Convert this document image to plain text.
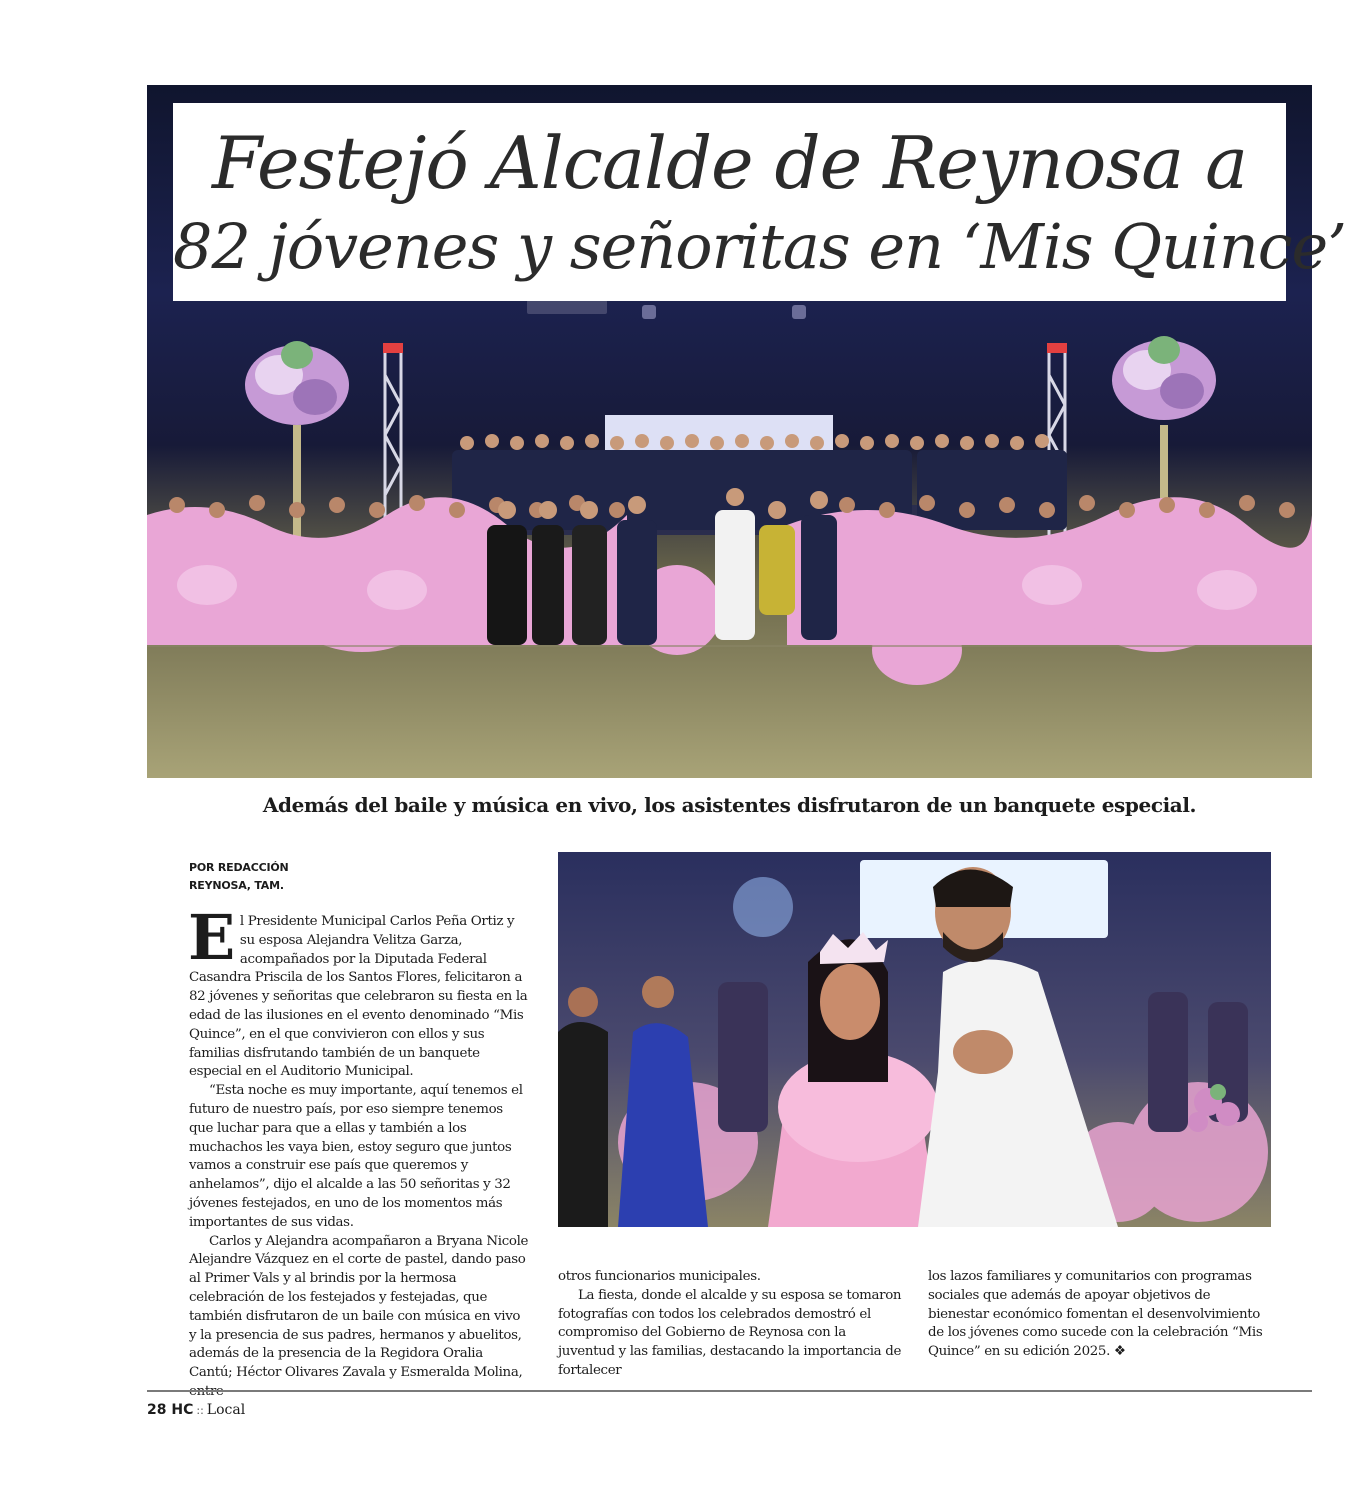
Festejó Alcalde de Reynosa a
82 jóvenes y señoritas en ‘Mis Quince’
Además del baile y música en vivo, los asistentes disfrutaron de un banquete especial.
POR REDACCIÓN
REYNOSA, TAM.

El Presidente Municipal Carlos Peña Ortiz y su esposa Alejandra Velitza Garza, acompañados por la Diputada Federal Casandra Priscila de los Santos Flores, felicitaron a 82 jóvenes y señoritas que celebraron su fiesta en la edad de las ilusiones en el evento denominado “Mis Quince”, en el que convivieron con ellos y sus familias disfrutando también de un banquete especial en el Auditorio Municipal.

“Esta noche es muy importante, aquí tenemos el futuro de nuestro país, por eso siempre tenemos que luchar para que a ellas y también a los muchachos les vaya bien, estoy seguro que juntos vamos a construir ese país que queremos y anhelamos”, dijo el alcalde a las 50 señoritas y 32 jóvenes festejados, en uno de los momentos más importantes de sus vidas.

Carlos y Alejandra acompañaron a Bryana Nicole Alejandre Vázquez en el corte de pastel, dando paso al Primer Vals y al brindis por la hermosa celebración de los festejados y festejadas, que también disfrutaron de un baile con música en vivo y la presencia de sus padres, hermanos y abuelitos, además de la presencia de la Regidora Oralia Cantú; Héctor Olivares Zavala y Esmeralda Molina,

otros funcionarios municipales.

La fiesta, donde el alcalde y su esposa se tomaron fotografías con todos los celebrados demostró el compromiso del Gobierno de Reynosa con la juventud y las familias, destacando la importancia de fortalecer

los lazos familiares y comunitarios con programas sociales que además de apoyar objetivos de bienestar económico fomentan el desenvolvimiento de los jóvenes como sucede con la celebración “Mis Quince” en su edición 2025. ❖

28 HC :: Local
